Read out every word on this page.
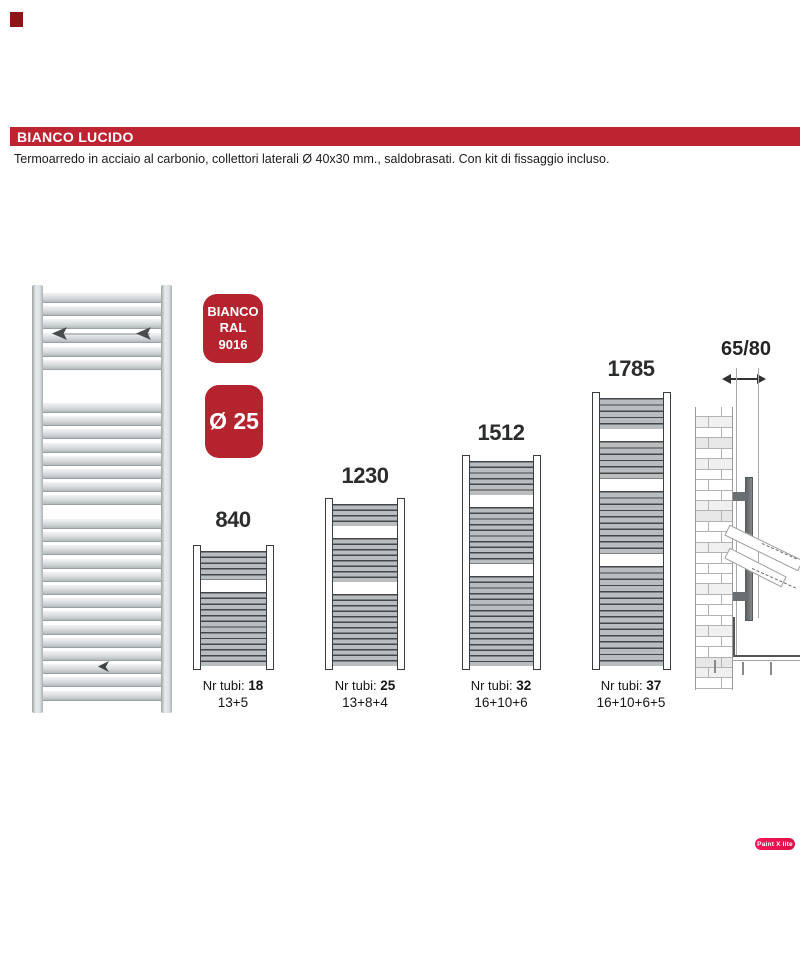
BIANCO LUCIDO
Termoarredo in acciaio al carbonio, collettori laterali Ø 40x30 mm., saldobrasati. Con kit di fissaggio incluso.
BIANCO
RAL
9016
Ø 25
840
1230
1512
1785
Nr tubi: 18
13+5
Nr tubi: 25
13+8+4
Nr tubi: 32
16+10+6
Nr tubi: 37
16+10+6+5
65/80
Paint X lite
